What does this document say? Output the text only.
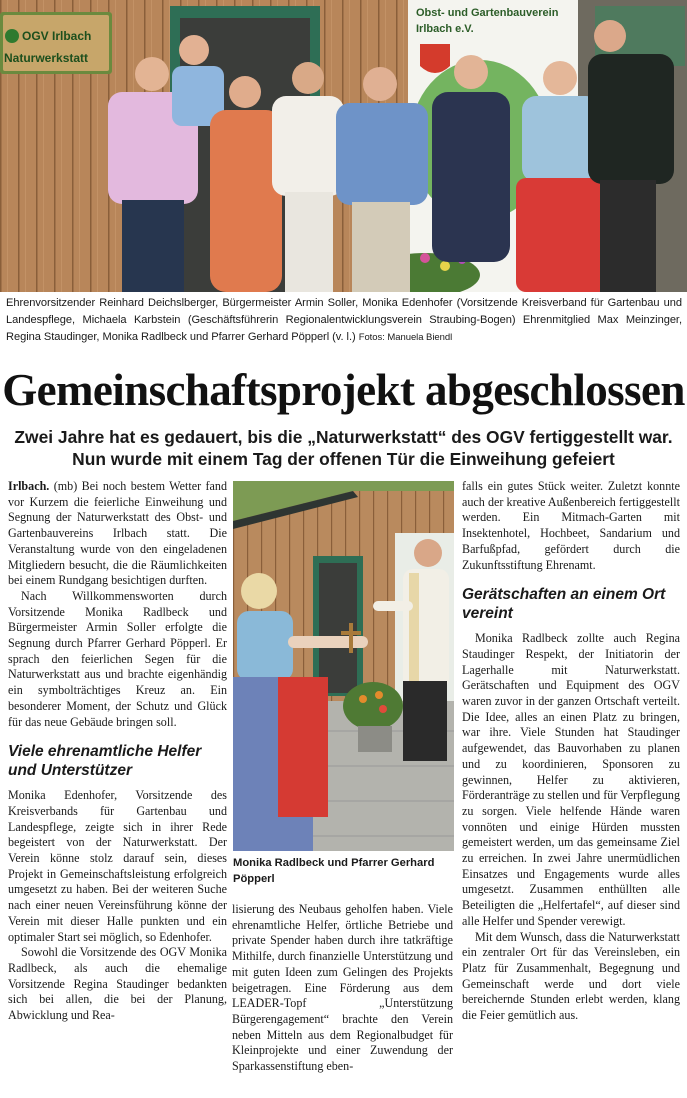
OGV Irlbach
Naturwerkstatt
Obst- und Gartenbauverein
Irlbach e.V.
Ehrenvorsitzender Reinhard Deichslberger, Bürgermeister Armin Soller, Monika Edenhofer (Vorsitzende Kreisverband für Gartenbau und Landespflege, Michaela Karbstein (Geschäftsführerin Regionalentwicklungsverein Straubing-Bogen) Ehrenmitglied Max Meinzinger, Regina Staudinger, Monika Radlbeck und Pfarrer Gerhard Pöpperl (v. l.) Fotos: Manuela Biendl
Gemeinschaftsprojekt abgeschlossen
Zwei Jahre hat es gedauert, bis die „Naturwerkstatt“ des OGV fertiggestellt war. Nun wurde mit einem Tag der offenen Tür die Einweihung gefeiert

Irlbach. (mb) Bei noch bestem Wetter fand vor Kurzem die feierliche Einweihung und Segnung der Naturwerkstatt des Obst- und Gartenbauvereins Irlbach statt. Die Veranstaltung wurde von den eingeladenen Mitgliedern besucht, die die Räumlichkeiten bei einem Rundgang besichtigen durften.

Nach Willkommensworten durch Vorsitzende Monika Radlbeck und Bürgermeister Armin Soller erfolgte die Segnung durch Pfarrer Gerhard Pöpperl. Er sprach den feierlichen Segen für die Naturwerkstatt aus und brachte eigenhändig ein symbolträchtiges Kreuz an. Ein besonderer Moment, der Schutz und Glück für das neue Gebäude bringen soll.

Viele ehrenamtliche Helfer und Unterstützer

Monika Edenhofer, Vorsitzende des Kreisverbands für Gartenbau und Landespflege, zeigte sich in ihrer Rede begeistert von der Naturwerkstatt. Der Verein könne stolz darauf sein, dieses Projekt in Gemeinschaftsleistung erfolgreich umgesetzt zu haben. Bei der weiteren Suche nach einer neuen Vereinsführung könne der Verein mit dieser Halle punkten und ein optimaler Start sei möglich, so Edenhofer.

Sowohl die Vorsitzende des OGV Monika Radlbeck, als auch die ehemalige Vorsitzende Regina Staudinger bedankten sich bei allen, die bei der Planung, Abwicklung und Rea-

Monika Radlbeck und Pfarrer Gerhard Pöpperl

lisierung des Neubaus geholfen haben. Viele ehrenamtliche Helfer, örtliche Betriebe und private Spender haben durch ihre tatkräftige Mithilfe, durch finanzielle Unterstützung und mit guten Ideen zum Gelingen des Projekts beigetragen. Eine Förderung aus dem LEADER-Topf „Unterstützung Bürgerengagement“ brachte den Verein neben Mitteln aus dem Regionalbudget für Kleinprojekte und einer Zuwendung der Sparkassenstiftung eben-

falls ein gutes Stück weiter. Zuletzt konnte auch der kreative Außenbereich fertiggestellt werden. Ein Mitmach-Garten mit Insektenhotel, Hochbeet, Sandarium und Barfußpfad, gefördert durch die Zukunftsstiftung Ehrenamt.

Gerätschaften an einem Ort vereint

Monika Radlbeck zollte auch Regina Staudinger Respekt, der Initiatorin der Lagerhalle mit Naturwerkstatt. Gerätschaften und Equipment des OGV waren zuvor in der ganzen Ortschaft verteilt. Die Idee, alles an einen Platz zu bringen, war ihre. Viele Stunden hat Staudinger aufgewendet, das Bauvorhaben zu planen und zu koordinieren, Sponsoren zu gewinnen, Helfer zu aktivieren, Förderanträge zu stellen und für Verpflegung zu sorgen. Viele helfende Hände waren vonnöten und einige Hürden mussten gemeistert werden, um das gemeinsame Ziel zu erreichen. In zwei Jahre unermüdlichen Einsatzes und Engagements wurde alles umgesetzt. Zusammen enthüllten alle Beteiligten die „Helfertafel“, auf dieser sind alle Helfer und Spender verewigt.

Mit dem Wunsch, dass die Naturwerkstatt ein zentraler Ort für das Vereinsleben, ein Platz für Zusammenhalt, Begegnung und Gemeinschaft werde und dort viele bereichernde Stunden erlebt werden, klang die Feier gemütlich aus.
